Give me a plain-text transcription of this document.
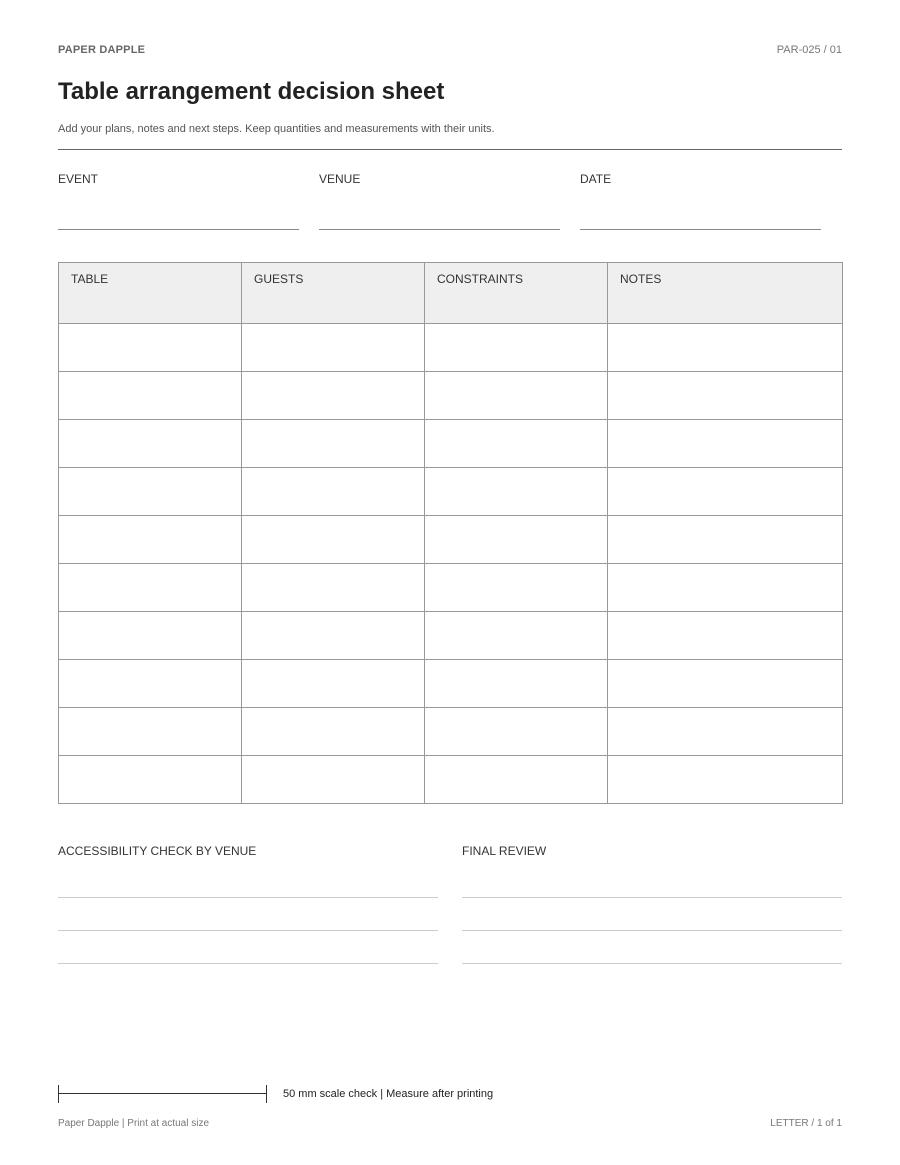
PAPER DAPPLE	PAR-025 / 01
Table arrangement decision sheet
Add your plans, notes and next steps. Keep quantities and measurements with their units.
EVENT	VENUE	DATE
TABLE	GUESTS	CONSTRAINTS	NOTES

ACCESSIBILITY CHECK BY VENUE	FINAL REVIEW
50 mm scale check | Measure after printing
Paper Dapple | Print at actual size	LETTER / 1 of 1
